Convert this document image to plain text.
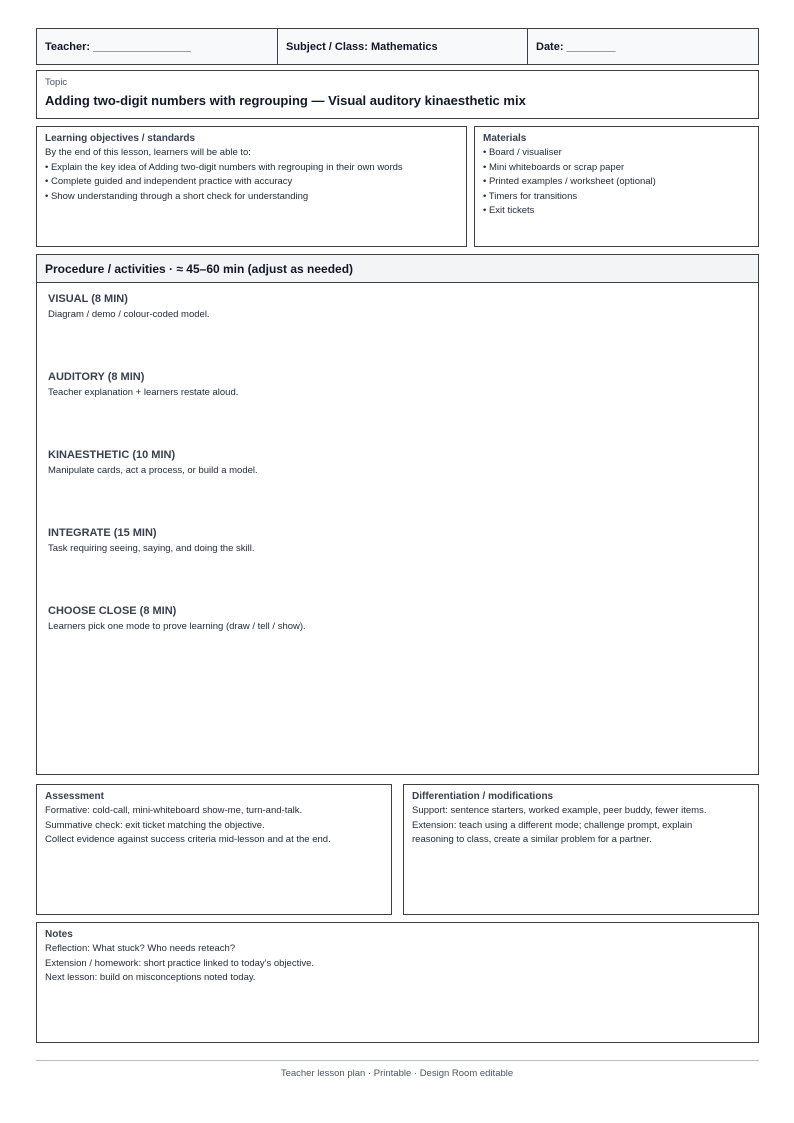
Teacher: ________________	Subject / Class: Mathematics	Date: ________
Topic
Adding two-digit numbers with regrouping — Visual auditory kinaesthetic mix
Learning objectives / standards
By the end of this lesson, learners will be able to:
• Explain the key idea of Adding two-digit numbers with regrouping in their own words
• Complete guided and independent practice with accuracy
• Show understanding through a short check for understanding
Materials
• Board / visualiser
• Mini whiteboards or scrap paper
• Printed examples / worksheet (optional)
• Timers for transitions
• Exit tickets
Procedure / activities · ≈ 45–60 min (adjust as needed)
VISUAL (8 MIN)
Diagram / demo / colour-coded model.
AUDITORY (8 MIN)
Teacher explanation + learners restate aloud.
KINAESTHETIC (10 MIN)
Manipulate cards, act a process, or build a model.
INTEGRATE (15 MIN)
Task requiring seeing, saying, and doing the skill.
CHOOSE CLOSE (8 MIN)
Learners pick one mode to prove learning (draw / tell / show).
Assessment
Formative: cold-call, mini-whiteboard show-me, turn-and-talk.
Summative check: exit ticket matching the objective.
Collect evidence against success criteria mid-lesson and at the end.
Differentiation / modifications
Support: sentence starters, worked example, peer buddy, fewer items.
Extension: teach using a different mode; challenge prompt, explain
reasoning to class, create a similar problem for a partner.
Notes
Reflection: What stuck? Who needs reteach?
Extension / homework: short practice linked to today's objective.
Next lesson: build on misconceptions noted today.
Teacher lesson plan · Printable · Design Room editable
